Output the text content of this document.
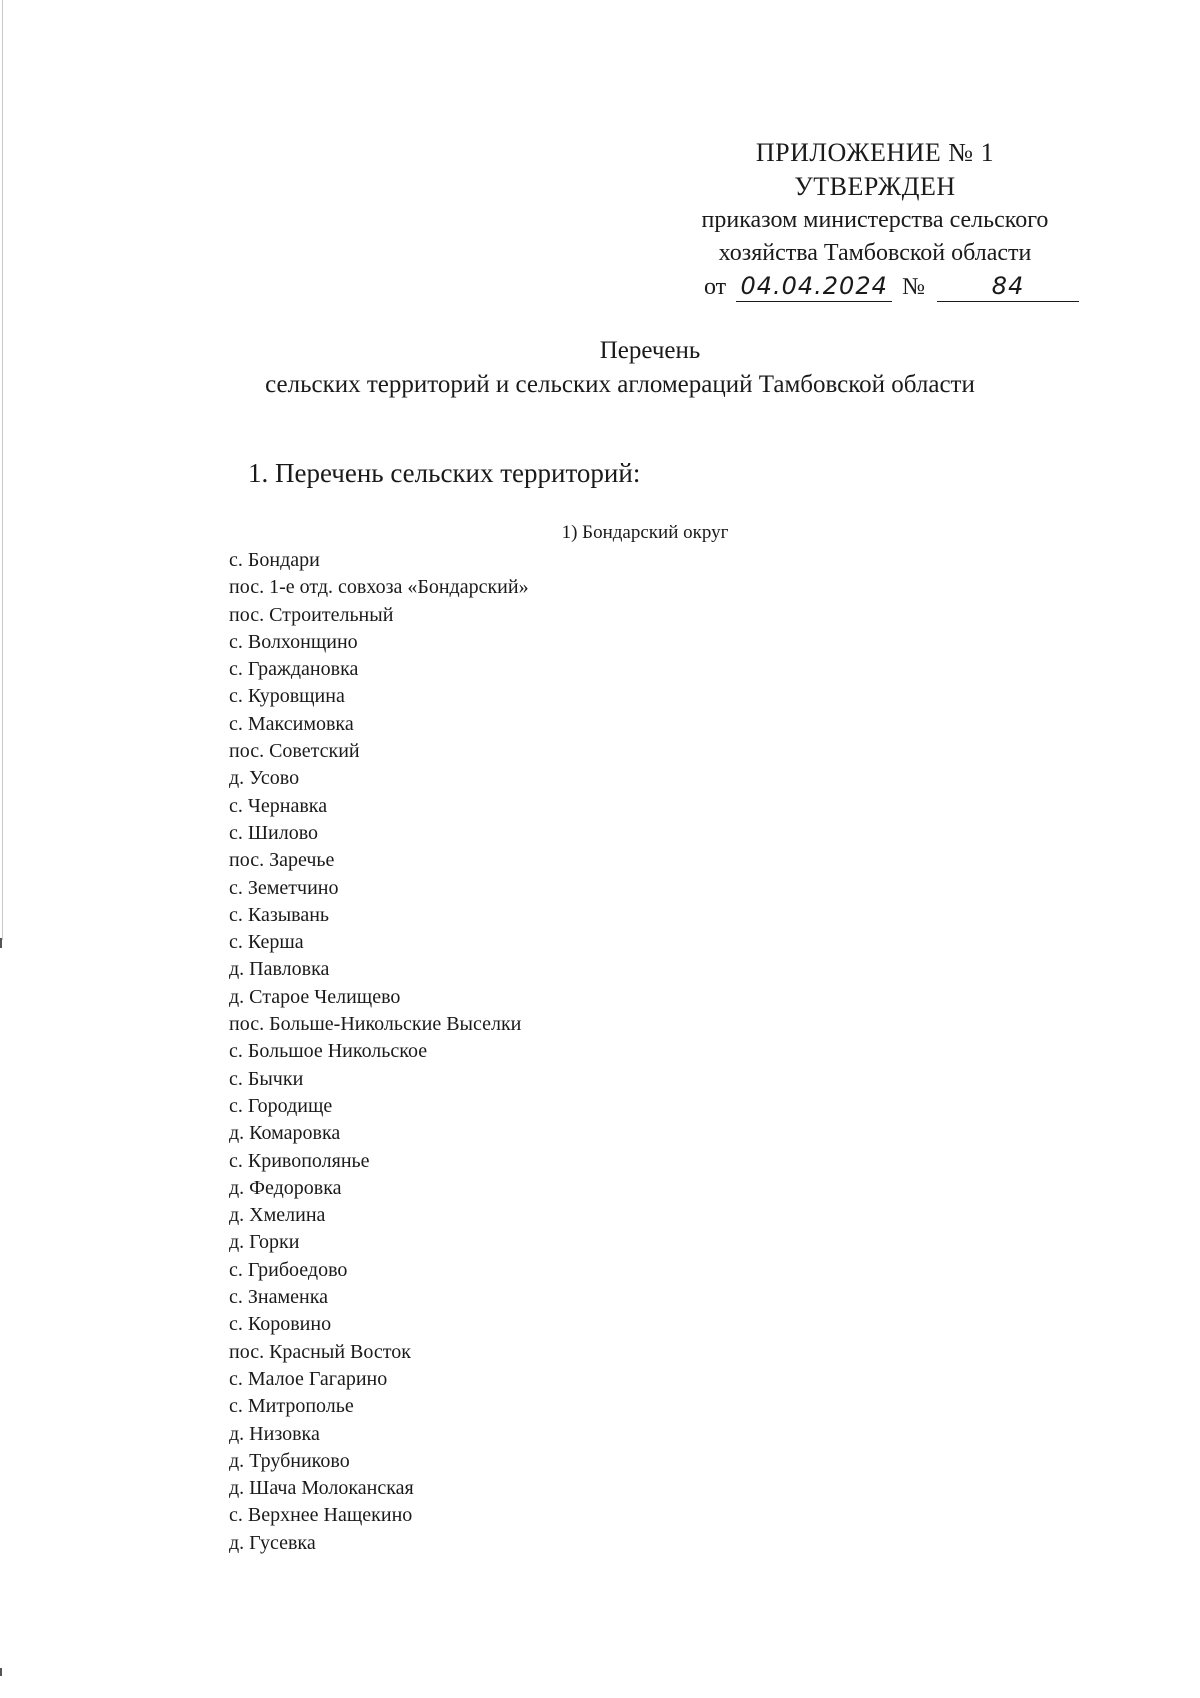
ПРИЛОЖЕНИЕ № 1
УТВЕРЖДЕН
приказом министерства сельского
хозяйства Тамбовской области
от 04.04.2024 №	84
Перечень
сельских территорий и сельских агломераций Тамбовской области
1. Перечень сельских территорий:
1) Бондарский округ
с. Бондари
пос. 1-е отд. совхоза «Бондарский»
пос. Строительный
с. Волхонщино
с. Граждановка
с. Куровщина
с. Максимовка
пос. Советский
д. Усово
с. Чернавка
с. Шилово
пос. Заречье
с. Земетчино
с. Казывань
с. Керша
д. Павловка
д. Старое Челищево
пос. Больше-Никольские Выселки
с. Большое Никольское
с. Бычки
с. Городище
д. Комаровка
с. Кривополянье
д. Федоровка
д. Хмелина
д. Горки
с. Грибоедово
с. Знаменка
с. Коровино
пос. Красный Восток
с. Малое Гагарино
с. Митрополье
д. Низовка
д. Трубниково
д. Шача Молоканская
с. Верхнее Нащекино
д. Гусевка
